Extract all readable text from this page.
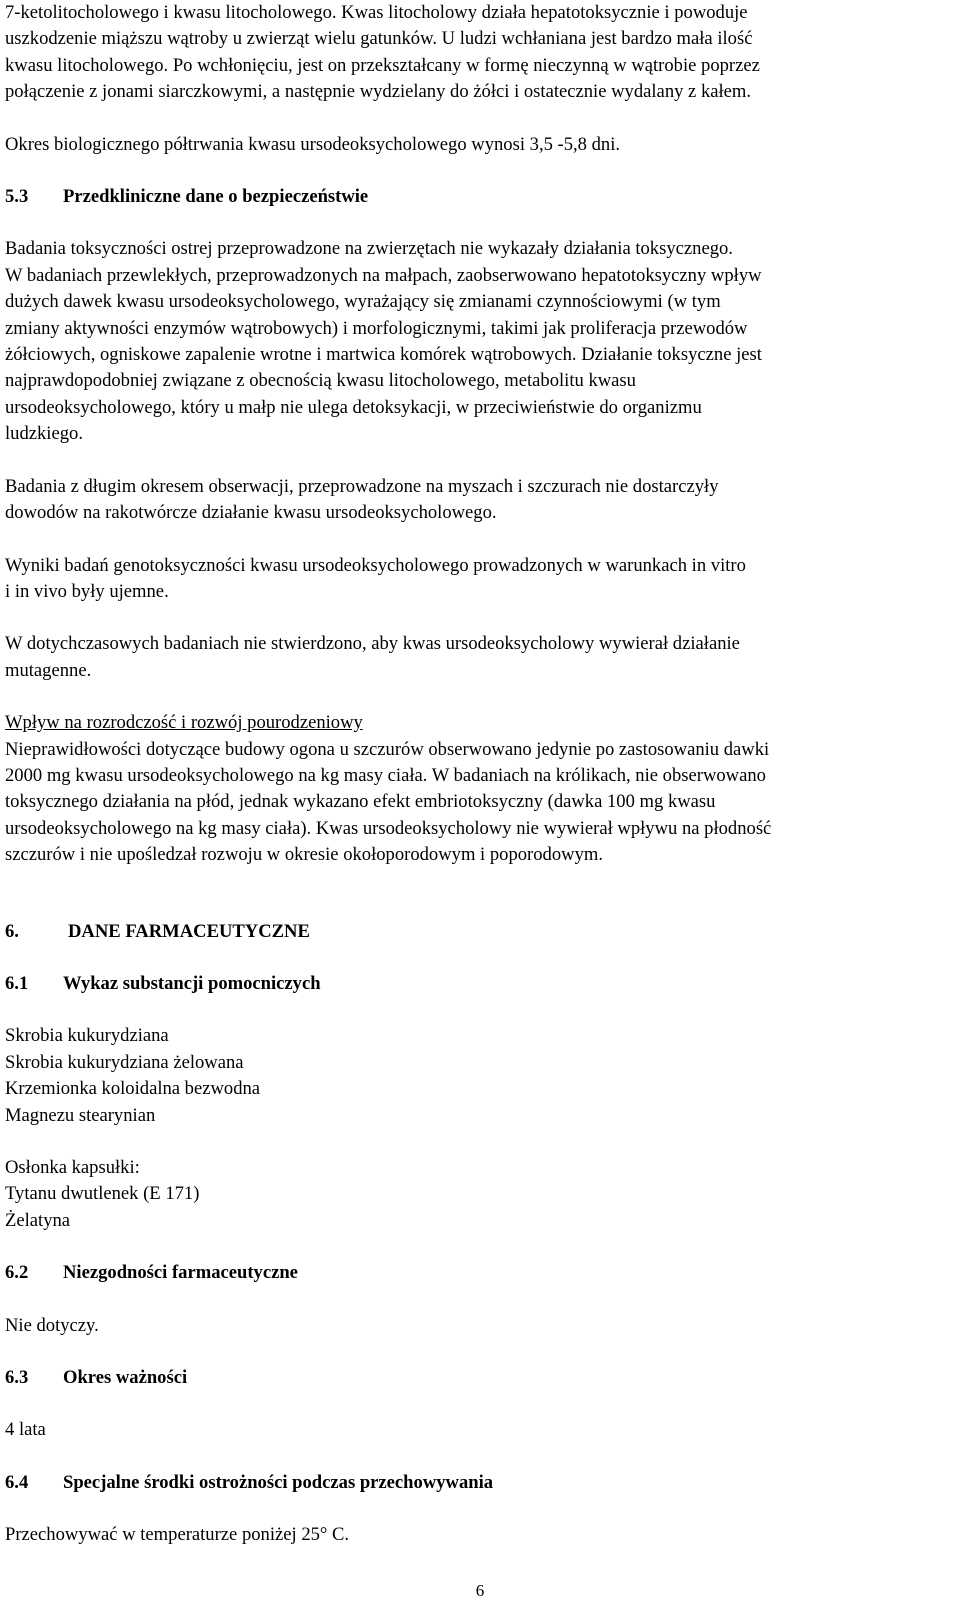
7-ketolitocholowego i kwasu litocholowego. Kwas litocholowy działa hepatotoksycznie i powoduje
uszkodzenie miąższu wątroby u zwierząt wielu gatunków. U ludzi wchłaniana jest bardzo mała ilość
kwasu litocholowego. Po wchłonięciu, jest on przekształcany w formę nieczynną w wątrobie poprzez
połączenie z jonami siarczkowymi, a następnie wydzielany do żółci i ostatecznie wydalany z kałem.

Okres biologicznego półtrwania kwasu ursodeoksycholowego wynosi 3,5 -5,8 dni.

5.3 Przedkliniczne dane o bezpieczeństwie

Badania toksyczności ostrej przeprowadzone na zwierzętach nie wykazały działania toksycznego.
W badaniach przewlekłych, przeprowadzonych na małpach, zaobserwowano hepatotoksyczny wpływ
dużych dawek kwasu ursodeoksycholowego, wyrażający się zmianami czynnościowymi (w tym
zmiany aktywności enzymów wątrobowych) i morfologicznymi, takimi jak proliferacja przewodów
żółciowych, ogniskowe zapalenie wrotne i martwica komórek wątrobowych. Działanie toksyczne jest
najprawdopodobniej związane z obecnością kwasu litocholowego, metabolitu kwasu
ursodeoksycholowego, który u małp nie ulega detoksykacji, w przeciwieństwie do organizmu
ludzkiego.

Badania z długim okresem obserwacji, przeprowadzone na myszach i szczurach nie dostarczyły
dowodów na rakotwórcze działanie kwasu ursodeoksycholowego.

Wyniki badań genotoksyczności kwasu ursodeoksycholowego prowadzonych w warunkach in vitro
i in vivo były ujemne.

W dotychczasowych badaniach nie stwierdzono, aby kwas ursodeoksycholowy wywierał działanie
mutagenne.

Wpływ na rozrodczość i rozwój pourodzeniowy

Nieprawidłowości dotyczące budowy ogona u szczurów obserwowano jedynie po zastosowaniu dawki
2000 mg kwasu ursodeoksycholowego na kg masy ciała. W badaniach na królikach, nie obserwowano
toksycznego działania na płód, jednak wykazano efekt embriotoksyczny (dawka 100 mg kwasu
ursodeoksycholowego na kg masy ciała). Kwas ursodeoksycholowy nie wywierał wpływu na płodność
szczurów i nie upośledzał rozwoju w okresie okołoporodowym i poporodowym.

6.	DANE FARMACEUTYCZNE

6.1 Wykaz substancji pomocniczych

Skrobia kukurydziana
Skrobia kukurydziana żelowana
Krzemionka koloidalna bezwodna
Magnezu stearynian

Osłonka kapsułki:
Tytanu dwutlenek (E 171)
Żelatyna

6.2 Niezgodności farmaceutyczne

Nie dotyczy.

6.3 Okres ważności

4 lata

6.4 Specjalne środki ostrożności podczas przechowywania

Przechowywać w temperaturze poniżej 25° C.

6
